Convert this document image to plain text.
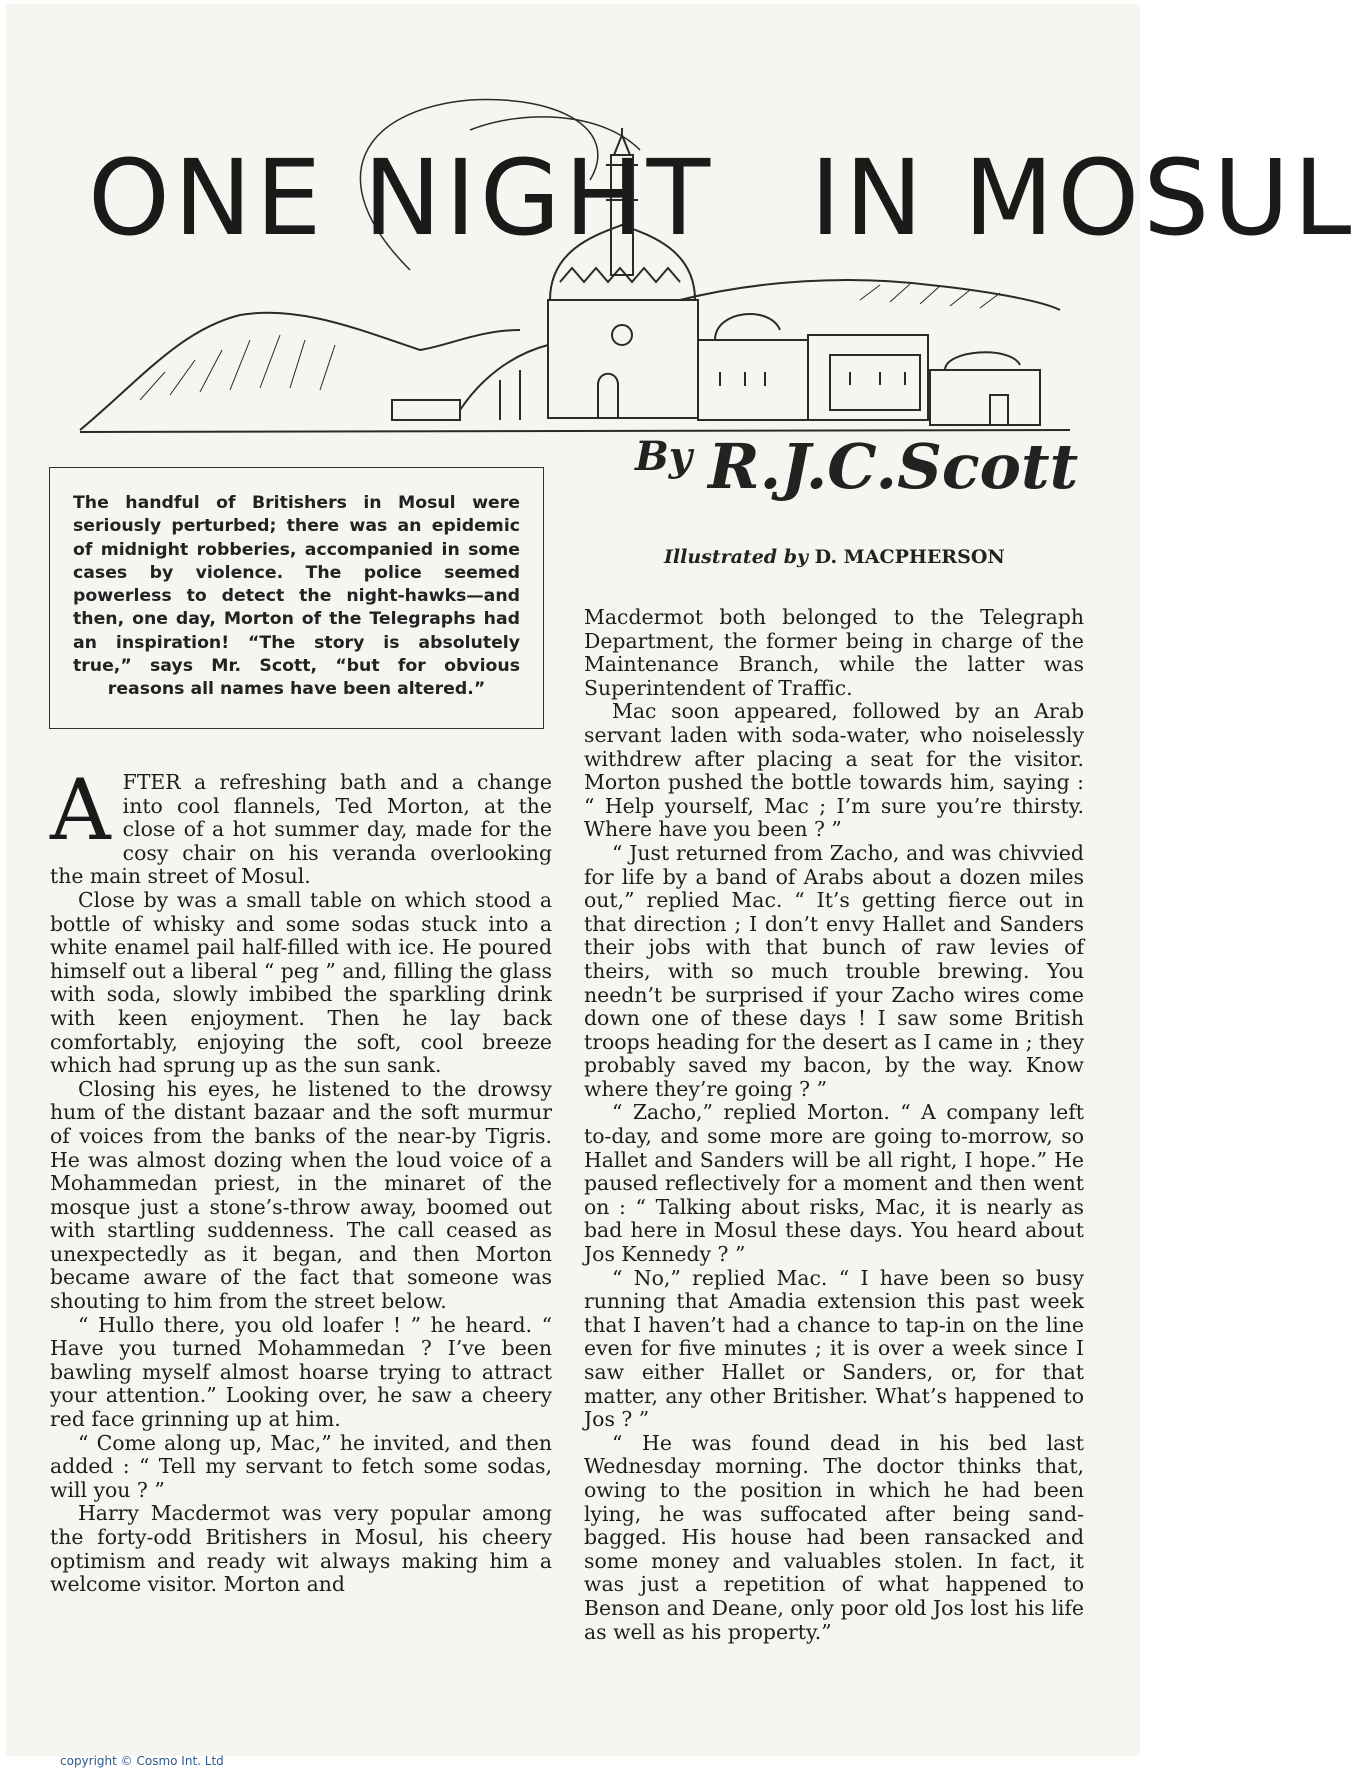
ONE NIGHT IN MOSUL

$^{By}$ R.J.C.Scott

Illustrated by D. MACPHERSON

The handful of Britishers in Mosul were seriously perturbed; there was an epidemic of midnight robberies, accompanied in some cases by violence. The police seemed powerless to detect the night-hawks—and then, one day, Morton of the Telegraphs had an inspiration! “The story is absolutely true,” says Mr. Scott, “but for obvious reasons all names have been altered.”

AFTER a refreshing bath and a change into cool flannels, Ted Morton, at the close of a hot summer day, made for the cosy chair on his veranda overlooking the main street of Mosul.

Close by was a small table on which stood a bottle of whisky and some sodas stuck into a white enamel pail half-filled with ice. He poured himself out a liberal “ peg ” and, filling the glass with soda, slowly imbibed the sparkling drink with keen enjoyment. Then he lay back comfortably, enjoying the soft, cool breeze which had sprung up as the sun sank.

Closing his eyes, he listened to the drowsy hum of the distant bazaar and the soft murmur of voices from the banks of the near-by Tigris. He was almost dozing when the loud voice of a Mohammedan priest, in the minaret of the mosque just a stone’s-throw away, boomed out with startling suddenness. The call ceased as unexpectedly as it began, and then Morton became aware of the fact that someone was shouting to him from the street below.

“ Hullo there, you old loafer ! ” he heard. “ Have you turned Mohammedan ? I’ve been bawling myself almost hoarse trying to attract your attention.” Looking over, he saw a cheery red face grinning up at him.

“ Come along up, Mac,” he invited, and then added : “ Tell my servant to fetch some sodas, will you ? ”

Harry Macdermot was very popular among the forty-odd Britishers in Mosul, his cheery optimism and ready wit always making him a welcome visitor. Morton and

Macdermot both belonged to the Telegraph Department, the former being in charge of the Maintenance Branch, while the latter was Superintendent of Traffic.

Mac soon appeared, followed by an Arab servant laden with soda-water, who noiselessly withdrew after placing a seat for the visitor. Morton pushed the bottle towards him, saying : “ Help yourself, Mac ; I’m sure you’re thirsty. Where have you been ? ”

“ Just returned from Zacho, and was chivvied for life by a band of Arabs about a dozen miles out,” replied Mac. “ It’s getting fierce out in that direction ; I don’t envy Hallet and Sanders their jobs with that bunch of raw levies of theirs, with so much trouble brewing. You needn’t be surprised if your Zacho wires come down one of these days ! I saw some British troops heading for the desert as I came in ; they probably saved my bacon, by the way. Know where they’re going ? ”

“ Zacho,” replied Morton. “ A company left to-day, and some more are going to-morrow, so Hallet and Sanders will be all right, I hope.” He paused reflectively for a moment and then went on : “ Talking about risks, Mac, it is nearly as bad here in Mosul these days. You heard about Jos Kennedy ? ”

“ No,” replied Mac. “ I have been so busy running that Amadia extension this past week that I haven’t had a chance to tap-in on the line even for five minutes ; it is over a week since I saw either Hallet or Sanders, or, for that matter, any other Britisher. What’s happened to Jos ? ”

“ He was found dead in his bed last Wednesday morning. The doctor thinks that, owing to the position in which he had been lying, he was suffocated after being sand-bagged. His house had been ransacked and some money and valuables stolen. In fact, it was just a repetition of what happened to Benson and Deane, only poor old Jos lost his life as well as his property.”

copyright © Cosmo Int. Ltd
